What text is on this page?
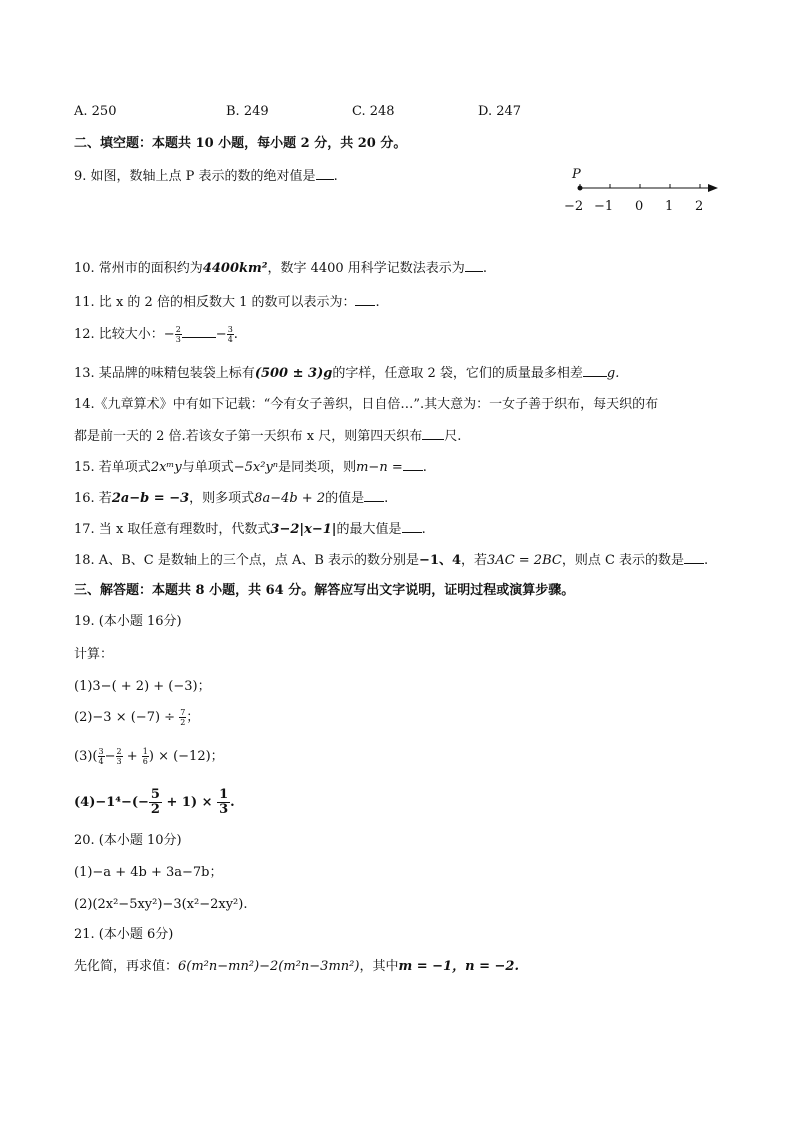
A. 250	B. 249	C. 248	D. 247
二、填空题：本题共 10 小题，每小题 2 分，共 20 分。
9. 如图，数轴上点 P 表示的数的绝对值是 .	P
−2 −1 0 1 2
10. 常州市的面积约为4400km²，数字 4400 用科学记数法表示为 .
11. 比 x 的 2 倍的相反数大 1 的数可以表示为： .
12. 比较大小：− $\frac{2}{3}$	− $\frac{3}{4}$ .
13. 某品牌的味精包装袋上标有(500 ± 3)g的字样，任意取 2 袋，它们的质量最多相差 g.
14.《九章算术》中有如下记载：“今有女子善织，日自倍…”.其大意为：一女子善于织布，每天织的布
都是前一天的 2 倍.若该女子第一天织布 x 尺，则第四天织布 尺.
15. 若单项式2xᵐy与单项式−5x²yⁿ是同类项，则m−n = .
16. 若2a−b = −3，则多项式8a−4b + 2的值是 .
17. 当 x 取任意有理数时，代数式3−2|x−1|的最大值是 .
18. A、B、C 是数轴上的三个点，点 A、B 表示的数分别是−1、4，若3AC = 2BC，则点 C 表示的数是 .
三、解答题：本题共 8 小题，共 64 分。解答应写出文字说明，证明过程或演算步骤。
19. (本小题 16分)
计算：
(1)3−( + 2) + (−3)；
$(2)-3 \times (-7) \div \frac{7}{2}$ ；
$(3)( \frac{3}{4} - \frac{2}{3} + \frac{1}{6}$ ) × (−12)；
$(4)-1^4-(- \frac{5}{2} + 1) \times \frac{1}{3}$ .
20. (本小题 10分)
(1)−a + 4b + 3a−7b；
(2)(2x²−5xy²)−3(x²−2xy²).
21. (本小题 6分)
先化简，再求值：6(m²n−mn²)−2(m²n−3mn²)，其中m = −1，n = −2.
